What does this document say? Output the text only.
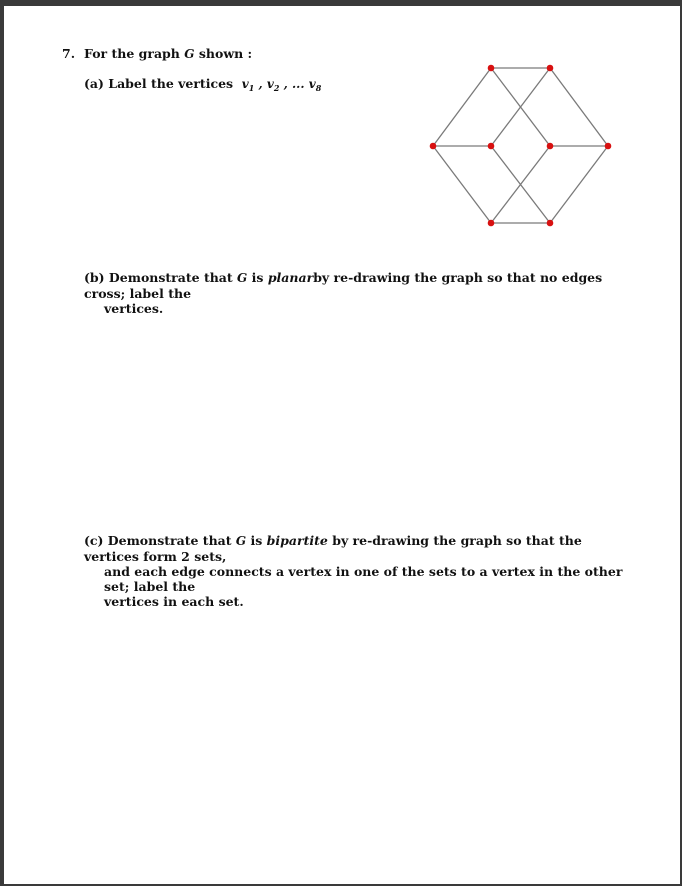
7. For the graph G shown :

(a) Label the vertices $v_1$ , $v_2$ , ... $v_8$

(b) Demonstrate that G is planarby re-drawing the graph so that no edges cross; label the
vertices.

(c) Demonstrate that G is bipartite by re-drawing the graph so that the vertices form 2 sets,
and each edge connects a vertex in one of the sets to a vertex in the other set; label the
vertices in each set.
